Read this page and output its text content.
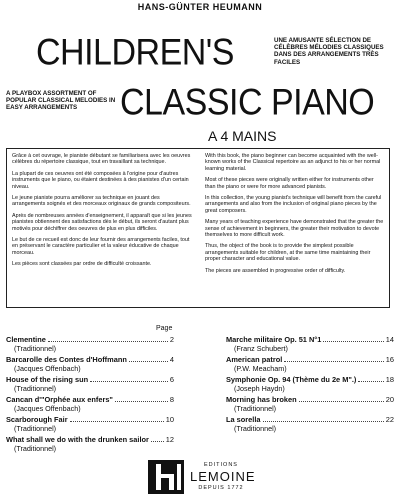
HANS-GÜNTER HEUMANN
UNE AMUSANTE SÉLECTION DE CÉLÈBRES MÉLODIES CLASSIQUES DANS DES ARRANGEMENTS TRÈS FACILES
CHILDREN'S
A PLAYBOX ASSORTMENT OF POPULAR CLASSICAL MELODIES IN EASY ARRANGEMENTS	CLASSIC PIANO
A 4 MAINS

Grâce à cet ouvrage, le pianiste débutant se familiarisera avec les oeuvres célèbres du répertoire classique, tout en travaillant sa technique.

La plupart de ces oeuvres ont été composées à l'origine pour d'autres instruments que le piano, ou étaient destinées à des pianistes d'un certain niveau.

Le jeune pianiste pourra améliorer sa technique en jouant des arrangements soignés et des morceaux originaux de grands compositeurs.

Après de nombreuses années d'enseignement, il apparaît que si les jeunes pianistes obtiennent des satisfactions dès le début, ils seront d'autant plus motivés pour déchiffrer des oeuvres de plus en plus difficiles.

Le but de ce recueil est donc de leur fournir des arrangements faciles, tout en préservant le caractère particulier et la valeur éducative de chaque morceau.

Les pièces sont classées par ordre de difficulté croissante.

With this book, the piano beginner can become acquainted with the well-known works of the Classical repertoire as an adjunct to his or her normal learning material.

Most of these pieces were originally written either for instruments other than the piano or were for more advanced pianists.

In this collection, the young pianist's technique will benefit from the careful arrangements and also from the inclusion of original piano pieces by the great composers.

Many years of teaching experience have demonstrated that the greater the sense of achievement in beginners, the greater their motivation to devote themselves to more difficult work.

Thus, the object of the book is to provide the simplest possible arrangements suitable for children, at the same time maintaining their proper character and educational value.

The pieces are assembled in progressive order of difficulty.

Page
Clementine	2
(Traditionnel)
Barcarolle des Contes d'Hoffmann	4
(Jacques Offenbach)
House of the rising sun	6
(Traditionnel)
Cancan d'"Orphée aux enfers"	8
(Jacques Offenbach)
Scarborough Fair	10
(Traditionnel)
What shall we do with the drunken sailor 12
(Traditionnel)
Marche militaire Op. 51 N°1	14
(Franz Schubert)
American patrol	16
(P.W. Meacham)
Symphonie Op. 94 (Thème du 2e M".)	18
(Joseph Haydn)
Morning has broken	20
(Traditionnel)
La sorella	22
(Traditionnel)
EDITIONS
LEMOINE
DEPUIS 1772
